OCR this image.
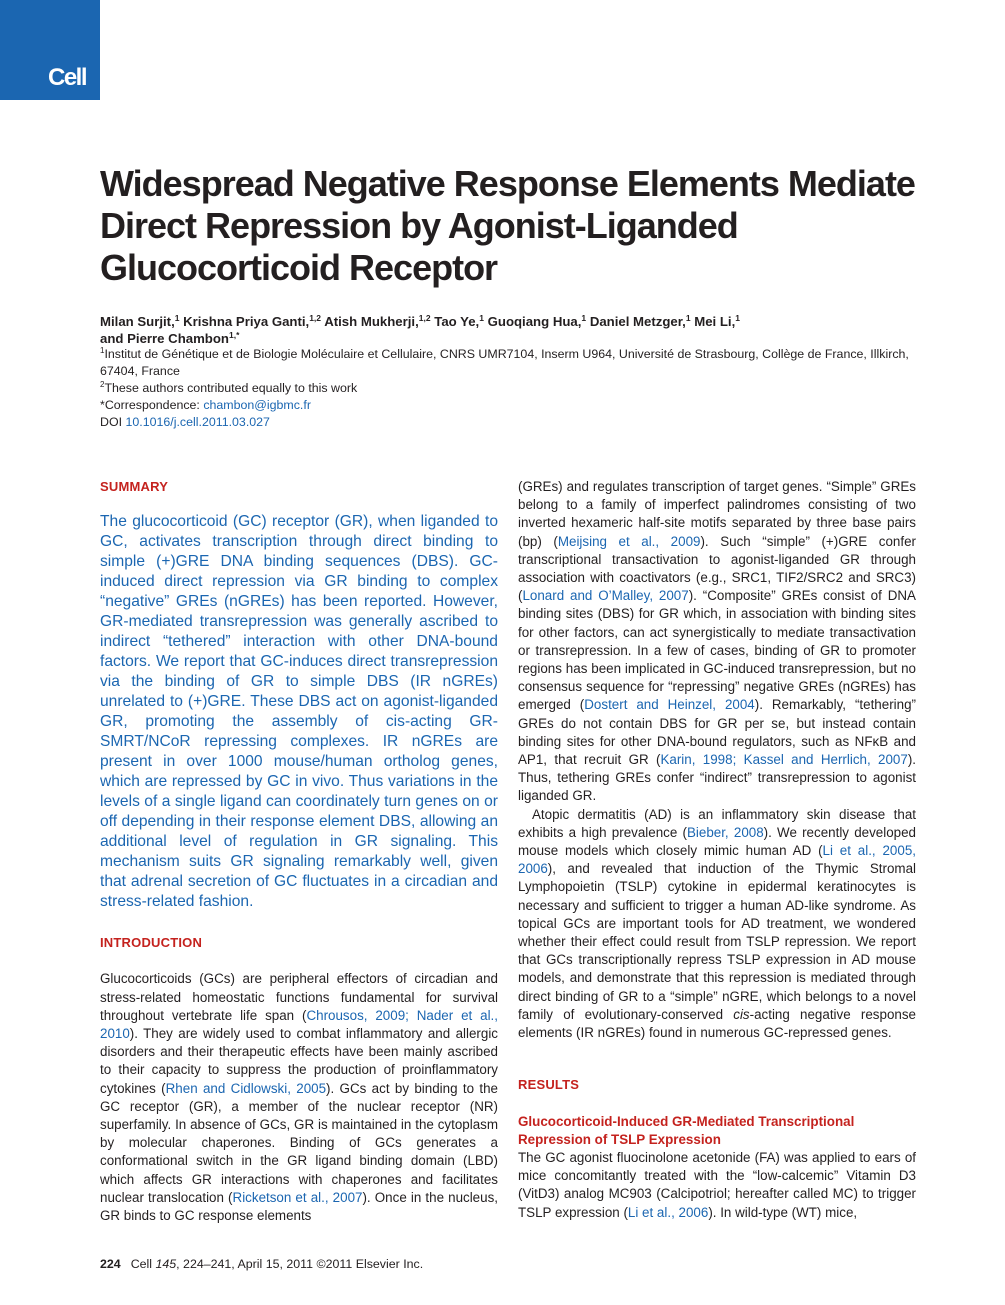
Cell
Widespread Negative Response Elements Mediate Direct Repression by Agonist-Liganded Glucocorticoid Receptor
Milan Surjit,$^1$ Krishna Priya Ganti,$^{1,2}$ Atish Mukherji,$^{1,2}$ Tao Ye,$^1$ Guoqiang Hua,$^1$ Daniel Metzger,$^1$ Mei Li,$^1$
and Pierre Chambon$^{1,*}$
$^1$Institut de Génétique et de Biologie Moléculaire et Cellulaire, CNRS UMR7104, Inserm U964, Université de Strasbourg, Collège de France, Illkirch, 67404, France
$^2$These authors contributed equally to this work
*Correspondence: chambon@igbmc.fr
DOI 10.1016/j.cell.2011.03.027
SUMMARY

The glucocorticoid (GC) receptor (GR), when liganded to GC, activates transcription through direct binding to simple (+)GRE DNA binding sequences (DBS). GC-induced direct repression via GR binding to complex “negative” GREs (nGREs) has been reported. However, GR-mediated transrepression was generally ascribed to indirect “tethered” interaction with other DNA-bound factors. We report that GC-induces direct transrepression via the binding of GR to simple DBS (IR nGREs) unrelated to (+)GRE. These DBS act on agonist-liganded GR, promoting the assembly of cis-acting GR-SMRT/NCoR repressing complexes. IR nGREs are present in over 1000 mouse/human ortholog genes, which are repressed by GC in vivo. Thus variations in the levels of a single ligand can coordinately turn genes on or off depending in their response element DBS, allowing an additional level of regulation in GR signaling. This mechanism suits GR signaling remarkably well, given that adrenal secretion of GC fluctuates in a circadian and stress-related fashion.

INTRODUCTION

Glucocorticoids (GCs) are peripheral effectors of circadian and stress-related homeostatic functions fundamental for survival throughout vertebrate life span (Chrousos, 2009; Nader et al., 2010). They are widely used to combat inflammatory and allergic disorders and their therapeutic effects have been mainly ascribed to their capacity to suppress the production of proinflammatory cytokines (Rhen and Cidlowski, 2005). GCs act by binding to the GC receptor (GR), a member of the nuclear receptor (NR) superfamily. In absence of GCs, GR is maintained in the cytoplasm by molecular chaperones. Binding of GCs generates a conformational switch in the GR ligand binding domain (LBD) which affects GR interactions with chaperones and facilitates nuclear translocation (Ricketson et al., 2007). Once in the nucleus, GR binds to GC response elements

(GREs) and regulates transcription of target genes. “Simple” GREs belong to a family of imperfect palindromes consisting of two inverted hexameric half-site motifs separated by three base pairs (bp) (Meijsing et al., 2009). Such “simple” (+)GRE confer transcriptional transactivation to agonist-liganded GR through association with coactivators (e.g., SRC1, TIF2/SRC2 and SRC3) (Lonard and O’Malley, 2007). “Composite” GREs consist of DNA binding sites (DBS) for GR which, in association with binding sites for other factors, can act synergistically to mediate transactivation or transrepression. In a few of cases, binding of GR to promoter regions has been implicated in GC-induced transrepression, but no consensus sequence for “repressing” negative GREs (nGREs) has emerged (Dostert and Heinzel, 2004). Remarkably, “tethering” GREs do not contain DBS for GR per se, but instead contain binding sites for other DNA-bound regulators, such as NFκB and AP1, that recruit GR (Karin, 1998; Kassel and Herrlich, 2007). Thus, tethering GREs confer “indirect” transrepression to agonist liganded GR.

Atopic dermatitis (AD) is an inflammatory skin disease that exhibits a high prevalence (Bieber, 2008). We recently developed mouse models which closely mimic human AD (Li et al., 2005, 2006), and revealed that induction of the Thymic Stromal Lymphopoietin (TSLP) cytokine in epidermal keratinocytes is necessary and sufficient to trigger a human AD-like syndrome. As topical GCs are important tools for AD treatment, we wondered whether their effect could result from TSLP repression. We report that GCs transcriptionally repress TSLP expression in AD mouse models, and demonstrate that this repression is mediated through direct binding of GR to a “simple” nGRE, which belongs to a novel family of evolutionary-conserved cis-acting negative response elements (IR nGREs) found in numerous GC-repressed genes.

RESULTS
Glucocorticoid-Induced GR-Mediated Transcriptional Repression of TSLP Expression

The GC agonist fluocinolone acetonide (FA) was applied to ears of mice concomitantly treated with the “low-calcemic” Vitamin D3 (VitD3) analog MC903 (Calcipotriol; hereafter called MC) to trigger TSLP expression (Li et al., 2006). In wild-type (WT) mice,

224 Cell 145, 224–241, April 15, 2011 ©2011 Elsevier Inc.
